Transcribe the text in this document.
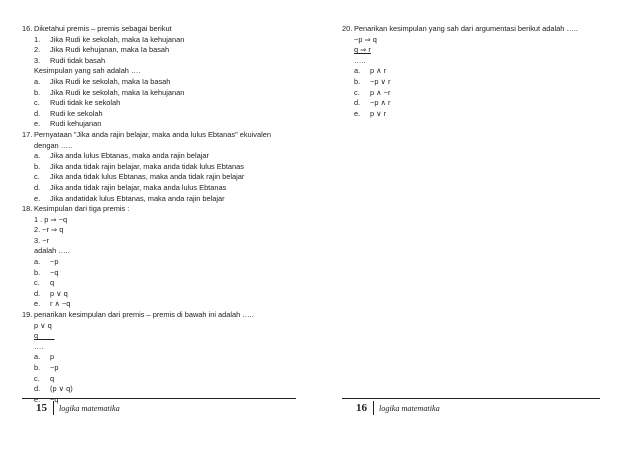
16. Diketahui premis – premis sebagai berikut
1. Jika Rudi ke sekolah, maka Ia kehujanan
2. Jika Rudi kehujanan, maka Ia basah
3. Rudi tidak basah
Kesimpulan yang sah adalah ….
a. Jika Rudi ke sekolah, maka Ia basah
b. Jika Rudi ke sekolah, maka Ia kehujanan
c. Rudi tidak ke sekolah
d. Rudi ke sekolah
e. Rudi kehujanan
17. Pernyataan "Jika anda rajin belajar, maka anda lulus Ebtanas" ekuivalen
dengan …..
a. Jika anda lulus Ebtanas, maka anda rajin belajar
b. Jika anda tidak rajin belajar, maka anda tidak lulus Ebtanas
c. Jika anda tidak lulus Ebtanas, maka anda tidak rajin belajar
d. Jika anda tidak rajin belajar, maka anda lulus Ebtanas
e. Jika andatidak lulus Ebtanas, maka anda rajin belajar
18. Kesimpulan dari tiga premis :
1 . p ⇒ ~q
2. ~r ⇒ q
3. ~r
adalah …..
a. ~p
b. ~q
c. q
d. p ∨ q
e. r ∧ ~q
19. penarikan kesimpulan dari premis – premis di bawah ini adalah …..
p ∨ q
q
….
a. p
b. ~p
c. q
d. (p ∨ q)
e. ~q
20. Penarikan kesimpulan yang sah dari argumentasi berikut adalah …..
~p ⇒ q
q ⇒ r
…..
a. p ∧ r
b. ~p ∨ r
c. p ∧ ~r
d. ~p ∧ r
e. p ∨ r
15	logika matematika	16	logika matematika
